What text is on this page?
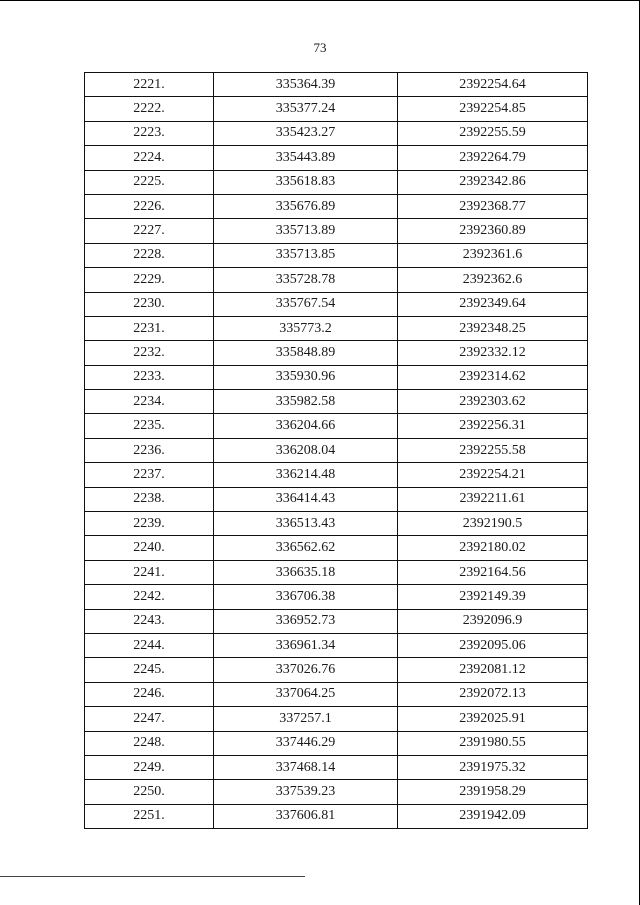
73
2221.	335364.39	2392254.64
2222.	335377.24	2392254.85
2223.	335423.27	2392255.59
2224.	335443.89	2392264.79
2225.	335618.83	2392342.86
2226.	335676.89	2392368.77
2227.	335713.89	2392360.89
2228.	335713.85	2392361.6
2229.	335728.78	2392362.6
2230.	335767.54	2392349.64
2231.	335773.2	2392348.25
2232.	335848.89	2392332.12
2233.	335930.96	2392314.62
2234.	335982.58	2392303.62
2235.	336204.66	2392256.31
2236.	336208.04	2392255.58
2237.	336214.48	2392254.21
2238.	336414.43	2392211.61
2239.	336513.43	2392190.5
2240.	336562.62	2392180.02
2241.	336635.18	2392164.56
2242.	336706.38	2392149.39
2243.	336952.73	2392096.9
2244.	336961.34	2392095.06
2245.	337026.76	2392081.12
2246.	337064.25	2392072.13
2247.	337257.1	2392025.91
2248.	337446.29	2391980.55
2249.	337468.14	2391975.32
2250.	337539.23	2391958.29
2251.	337606.81	2391942.09
